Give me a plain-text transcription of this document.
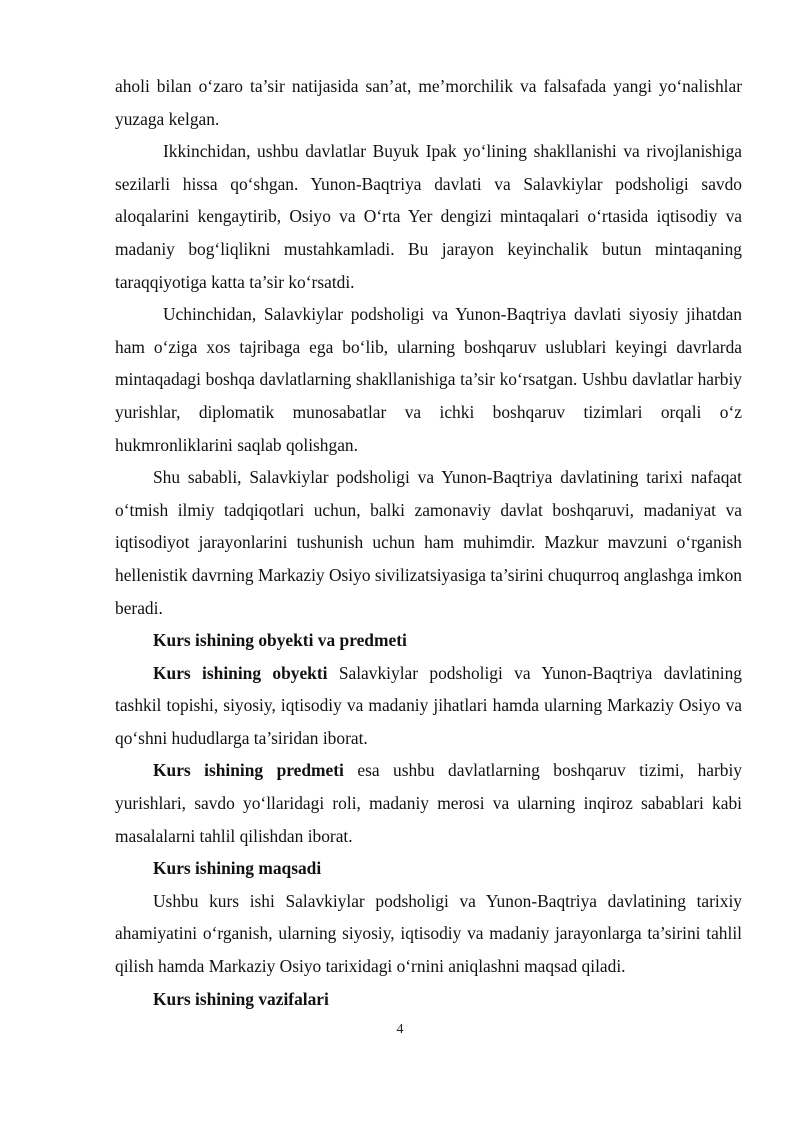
aholi bilan o‘zaro ta’sir natijasida san’at, me’morchilik va falsafada yangi yo‘nalishlar yuzaga kelgan.

Ikkinchidan, ushbu davlatlar Buyuk Ipak yo‘lining shakllanishi va rivojlanishiga sezilarli hissa qo‘shgan. Yunon-Baqtriya davlati va Salavkiylar podsholigi savdo aloqalarini kengaytirib, Osiyo va O‘rta Yer dengizi mintaqalari o‘rtasida iqtisodiy va madaniy bog‘liqlikni mustahkamladi. Bu jarayon keyinchalik butun mintaqaning taraqqiyotiga katta ta’sir ko‘rsatdi.

Uchinchidan, Salavkiylar podsholigi va Yunon-Baqtriya davlati siyosiy jihatdan ham o‘ziga xos tajribaga ega bo‘lib, ularning boshqaruv uslublari keyingi davrlarda mintaqadagi boshqa davlatlarning shakllanishiga ta’sir ko‘rsatgan. Ushbu davlatlar harbiy yurishlar, diplomatik munosabatlar va ichki boshqaruv tizimlari orqali o‘z hukmronliklarini saqlab qolishgan.

Shu sababli, Salavkiylar podsholigi va Yunon-Baqtriya davlatining tarixi nafaqat o‘tmish ilmiy tadqiqotlari uchun, balki zamonaviy davlat boshqaruvi, madaniyat va iqtisodiyot jarayonlarini tushunish uchun ham muhimdir. Mazkur mavzuni o‘rganish hellenistik davrning Markaziy Osiyo sivilizatsiyasiga ta’sirini chuqurroq anglashga imkon beradi.

Kurs ishining obyekti va predmeti

Kurs ishining obyekti Salavkiylar podsholigi va Yunon-Baqtriya davlatining tashkil topishi, siyosiy, iqtisodiy va madaniy jihatlari hamda ularning Markaziy Osiyo va qo‘shni hududlarga ta’siridan iborat.

Kurs ishining predmeti esa ushbu davlatlarning boshqaruv tizimi, harbiy yurishlari, savdo yo‘llaridagi roli, madaniy merosi va ularning inqiroz sabablari kabi masalalarni tahlil qilishdan iborat.

Kurs ishining maqsadi

Ushbu kurs ishi Salavkiylar podsholigi va Yunon-Baqtriya davlatining tarixiy ahamiyatini o‘rganish, ularning siyosiy, iqtisodiy va madaniy jarayonlarga ta’sirini tahlil qilish hamda Markaziy Osiyo tarixidagi o‘rnini aniqlashni maqsad qiladi.

Kurs ishining vazifalari

4
